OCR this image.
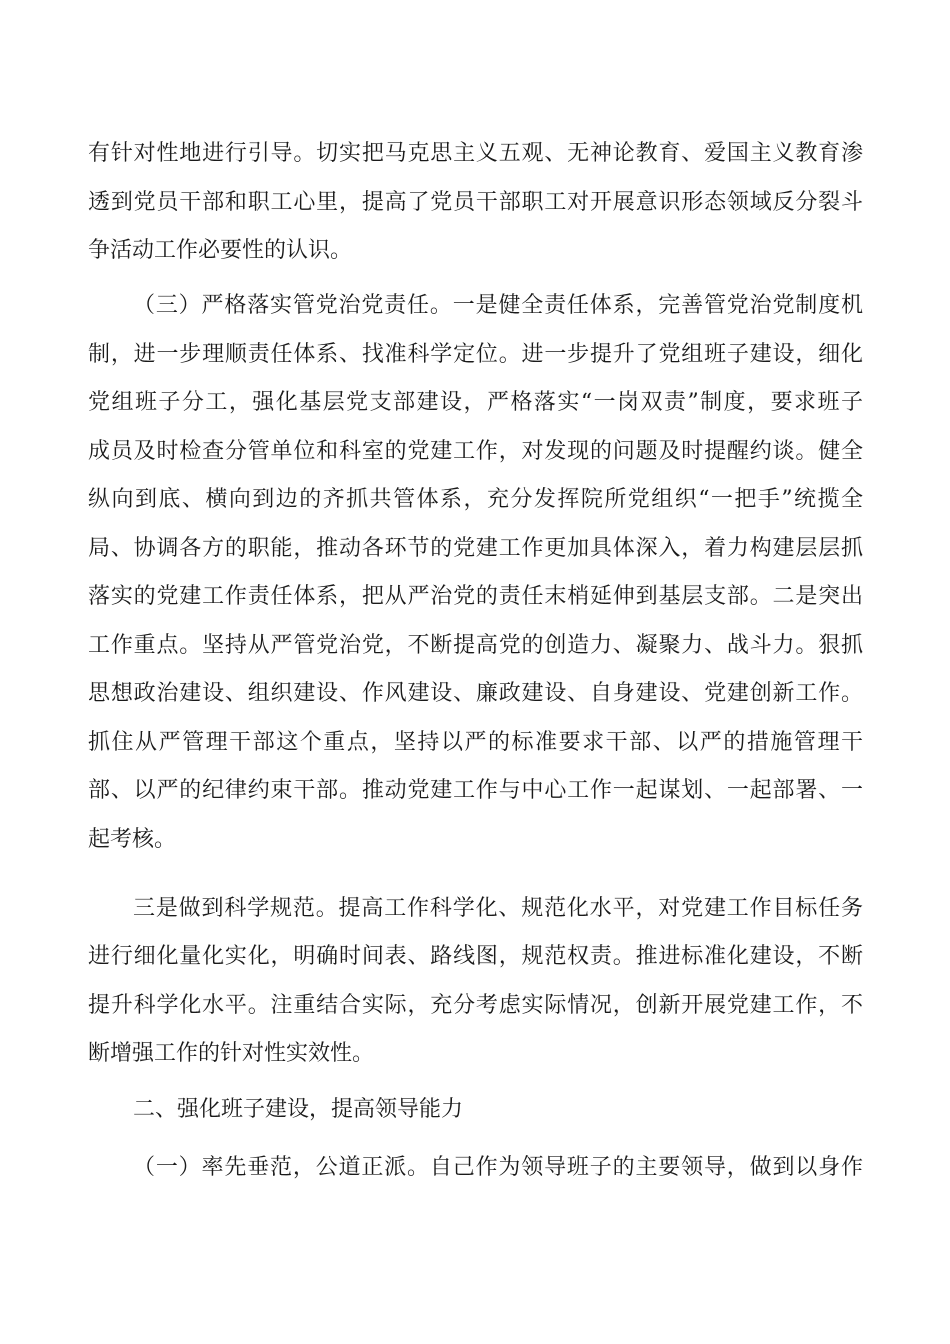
有针对性地进行引导。切实把马克思主义五观、无神论教育、爱国主义教育渗
透到党员干部和职工心里，提高了党员干部职工对开展意识形态领域反分裂斗
争活动工作必要性的认识。
（三）严格落实管党治党责任。一是健全责任体系，完善管党治党制度机
制，进一步理顺责任体系、找准科学定位。进一步提升了党组班子建设，细化
党组班子分工，强化基层党支部建设，严格落实“一岗双责”制度，要求班子
成员及时检查分管单位和科室的党建工作，对发现的问题及时提醒约谈。健全
纵向到底、横向到边的齐抓共管体系，充分发挥院所党组织“一把手”统揽全
局、协调各方的职能，推动各环节的党建工作更加具体深入，着力构建层层抓
落实的党建工作责任体系，把从严治党的责任末梢延伸到基层支部。二是突出
工作重点。坚持从严管党治党，不断提高党的创造力、凝聚力、战斗力。狠抓
思想政治建设、组织建设、作风建设、廉政建设、自身建设、党建创新工作。
抓住从严管理干部这个重点，坚持以严的标准要求干部、以严的措施管理干
部、以严的纪律约束干部。推动党建工作与中心工作一起谋划、一起部署、一
起考核。
三是做到科学规范。提高工作科学化、规范化水平，对党建工作目标任务
进行细化量化实化，明确时间表、路线图，规范权责。推进标准化建设，不断
提升科学化水平。注重结合实际，充分考虑实际情况，创新开展党建工作，不
断增强工作的针对性实效性。
二、强化班子建设，提高领导能力
（一）率先垂范，公道正派。自己作为领导班子的主要领导，做到以身作
